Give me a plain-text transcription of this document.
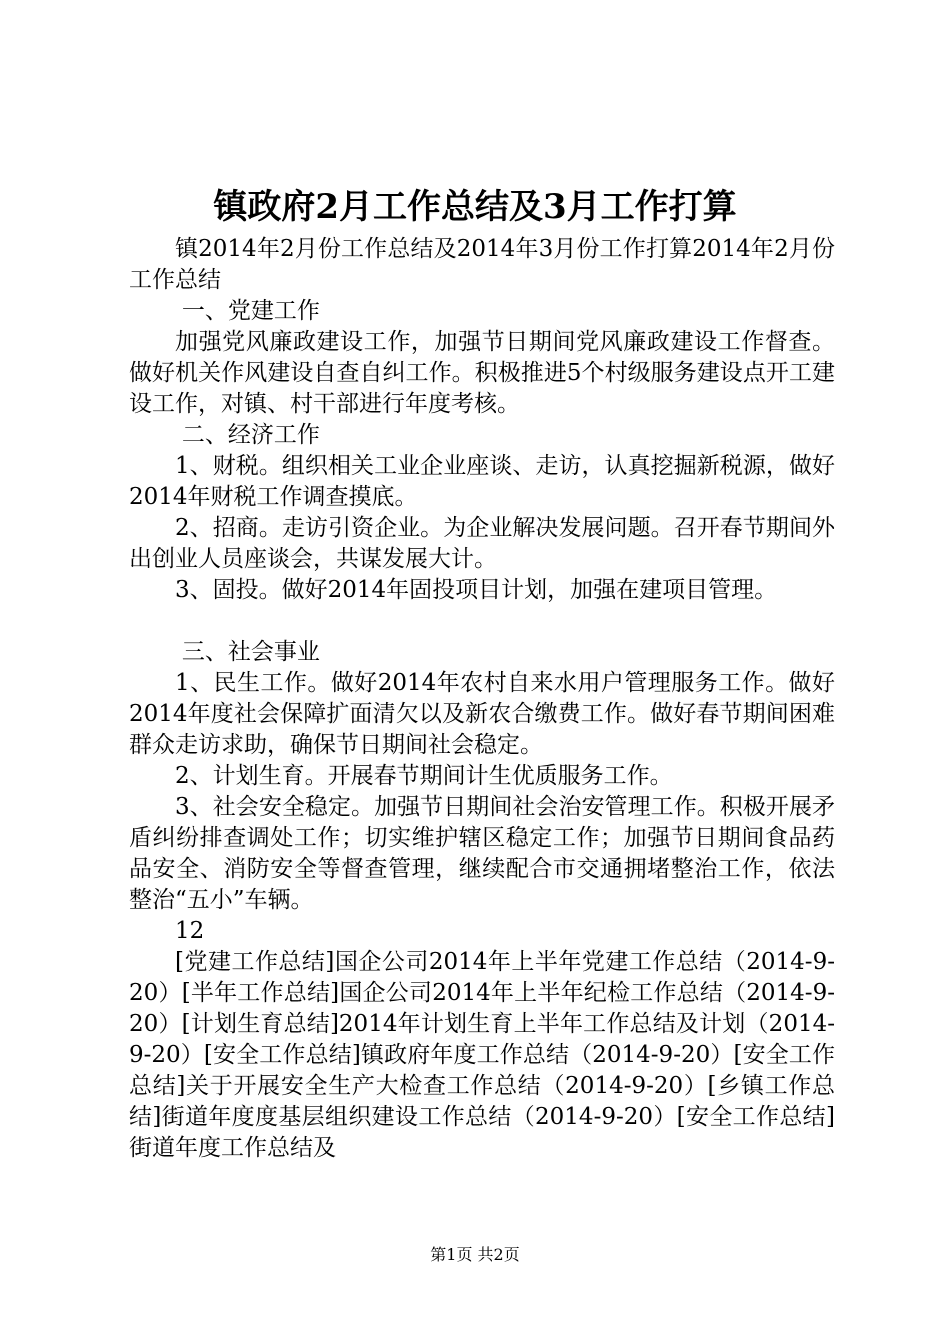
镇政府2月工作总结及3月工作打算

镇2014年2月份工作总结及2014年3月份工作打算2014年2月份工作总结

一、党建工作

加强党风廉政建设工作，加强节日期间党风廉政建设工作督查。做好机关作风建设自查自纠工作。积极推进5个村级服务建设点开工建设工作，对镇、村干部进行年度考核。

二、经济工作

1、财税。组织相关工业企业座谈、走访，认真挖掘新税源，做好2014年财税工作调查摸底。

2、招商。走访引资企业。为企业解决发展问题。召开春节期间外出创业人员座谈会，共谋发展大计。

3、固投。做好2014年固投项目计划，加强在建项目管理。

三、社会事业

1、民生工作。做好2014年农村自来水用户管理服务工作。做好2014年度社会保障扩面清欠以及新农合缴费工作。做好春节期间困难群众走访求助，确保节日期间社会稳定。

2、计划生育。开展春节期间计生优质服务工作。

3、社会安全稳定。加强节日期间社会治安管理工作。积极开展矛盾纠纷排查调处工作；切实维护辖区稳定工作；加强节日期间食品药品安全、消防安全等督查管理，继续配合市交通拥堵整治工作，依法整治“五小”车辆。

12

[党建工作总结]国企公司2014年上半年党建工作总结（2014-9-20）[半年工作总结]国企公司2014年上半年纪检工作总结（2014-9-20）[计划生育总结]2014年计划生育上半年工作总结及计划（2014-9-20）[安全工作总结]镇政府年度工作总结（2014-9-20）[安全工作总结]关于开展安全生产大检查工作总结（2014-9-20）[乡镇工作总结]街道年度度基层组织建设工作总结（2014-9-20）[安全工作总结]街道年度工作总结及

第1页 共2页
